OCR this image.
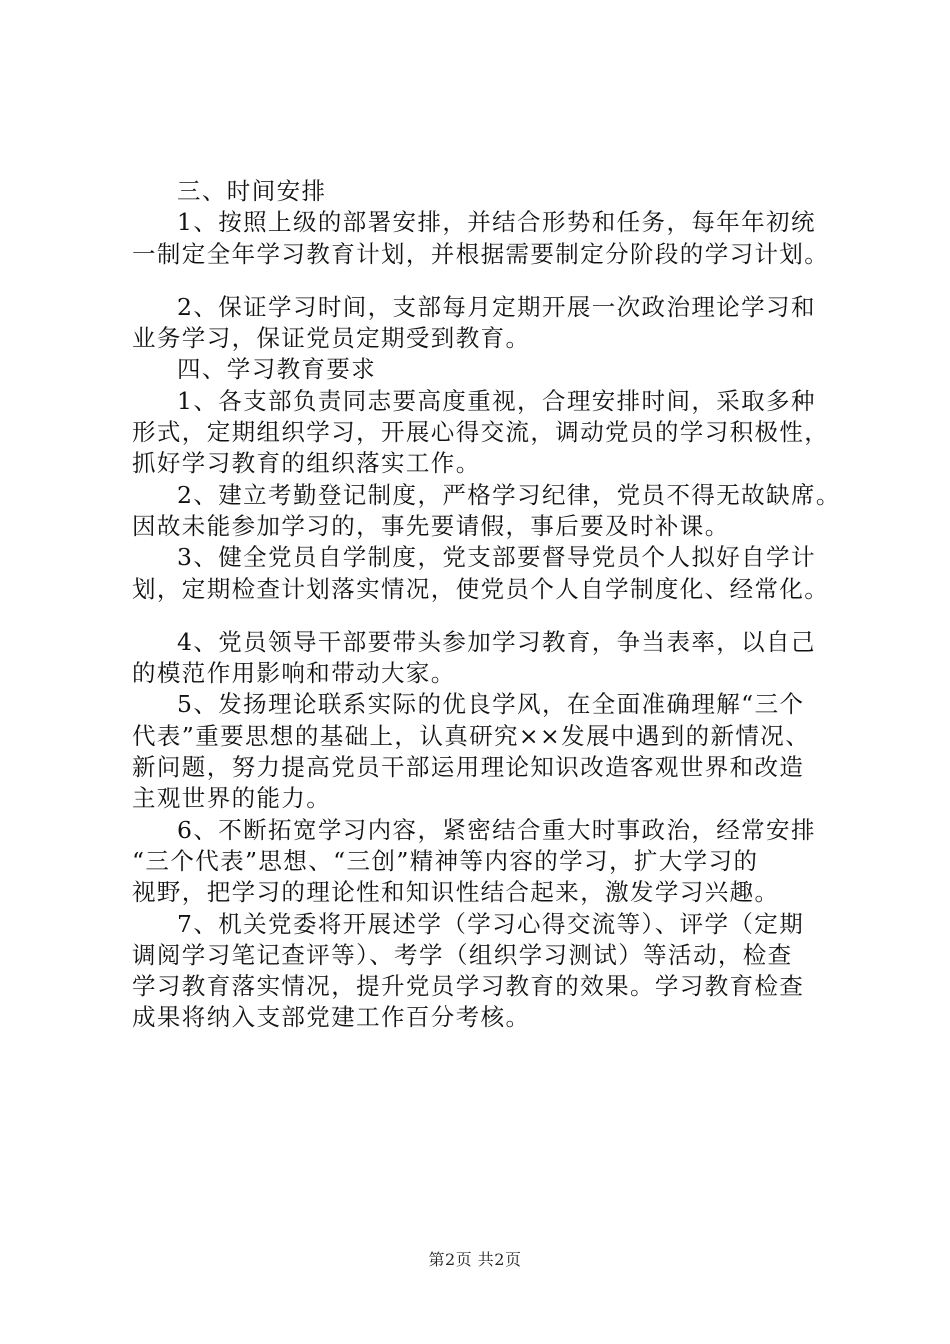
三、时间安排
1、按照上级的部署安排，并结合形势和任务，每年年初统
一制定全年学习教育计划，并根据需要制定分阶段的学习计划。
2、保证学习时间，支部每月定期开展一次政治理论学习和
业务学习，保证党员定期受到教育。
四、学习教育要求
1、各支部负责同志要高度重视，合理安排时间，采取多种
形式，定期组织学习，开展心得交流，调动党员的学习积极性，
抓好学习教育的组织落实工作。
2、建立考勤登记制度，严格学习纪律，党员不得无故缺席。
因故未能参加学习的，事先要请假，事后要及时补课。
3、健全党员自学制度，党支部要督导党员个人拟好自学计
划，定期检查计划落实情况，使党员个人自学制度化、经常化。
4、党员领导干部要带头参加学习教育，争当表率，以自己
的模范作用影响和带动大家。
5、发扬理论联系实际的优良学风，在全面准确理解“三个
代表”重要思想的基础上，认真研究××发展中遇到的新情况、
新问题，努力提高党员干部运用理论知识改造客观世界和改造
主观世界的能力。
6、不断拓宽学习内容，紧密结合重大时事政治，经常安排
“三个代表”思想、“三创”精神等内容的学习，扩大学习的
视野，把学习的理论性和知识性结合起来，激发学习兴趣。
7、机关党委将开展述学（学习心得交流等）、评学（定期
调阅学习笔记查评等）、考学（组织学习测试）等活动，检查
学习教育落实情况，提升党员学习教育的效果。学习教育检查
成果将纳入支部党建工作百分考核。
第2页 共2页
